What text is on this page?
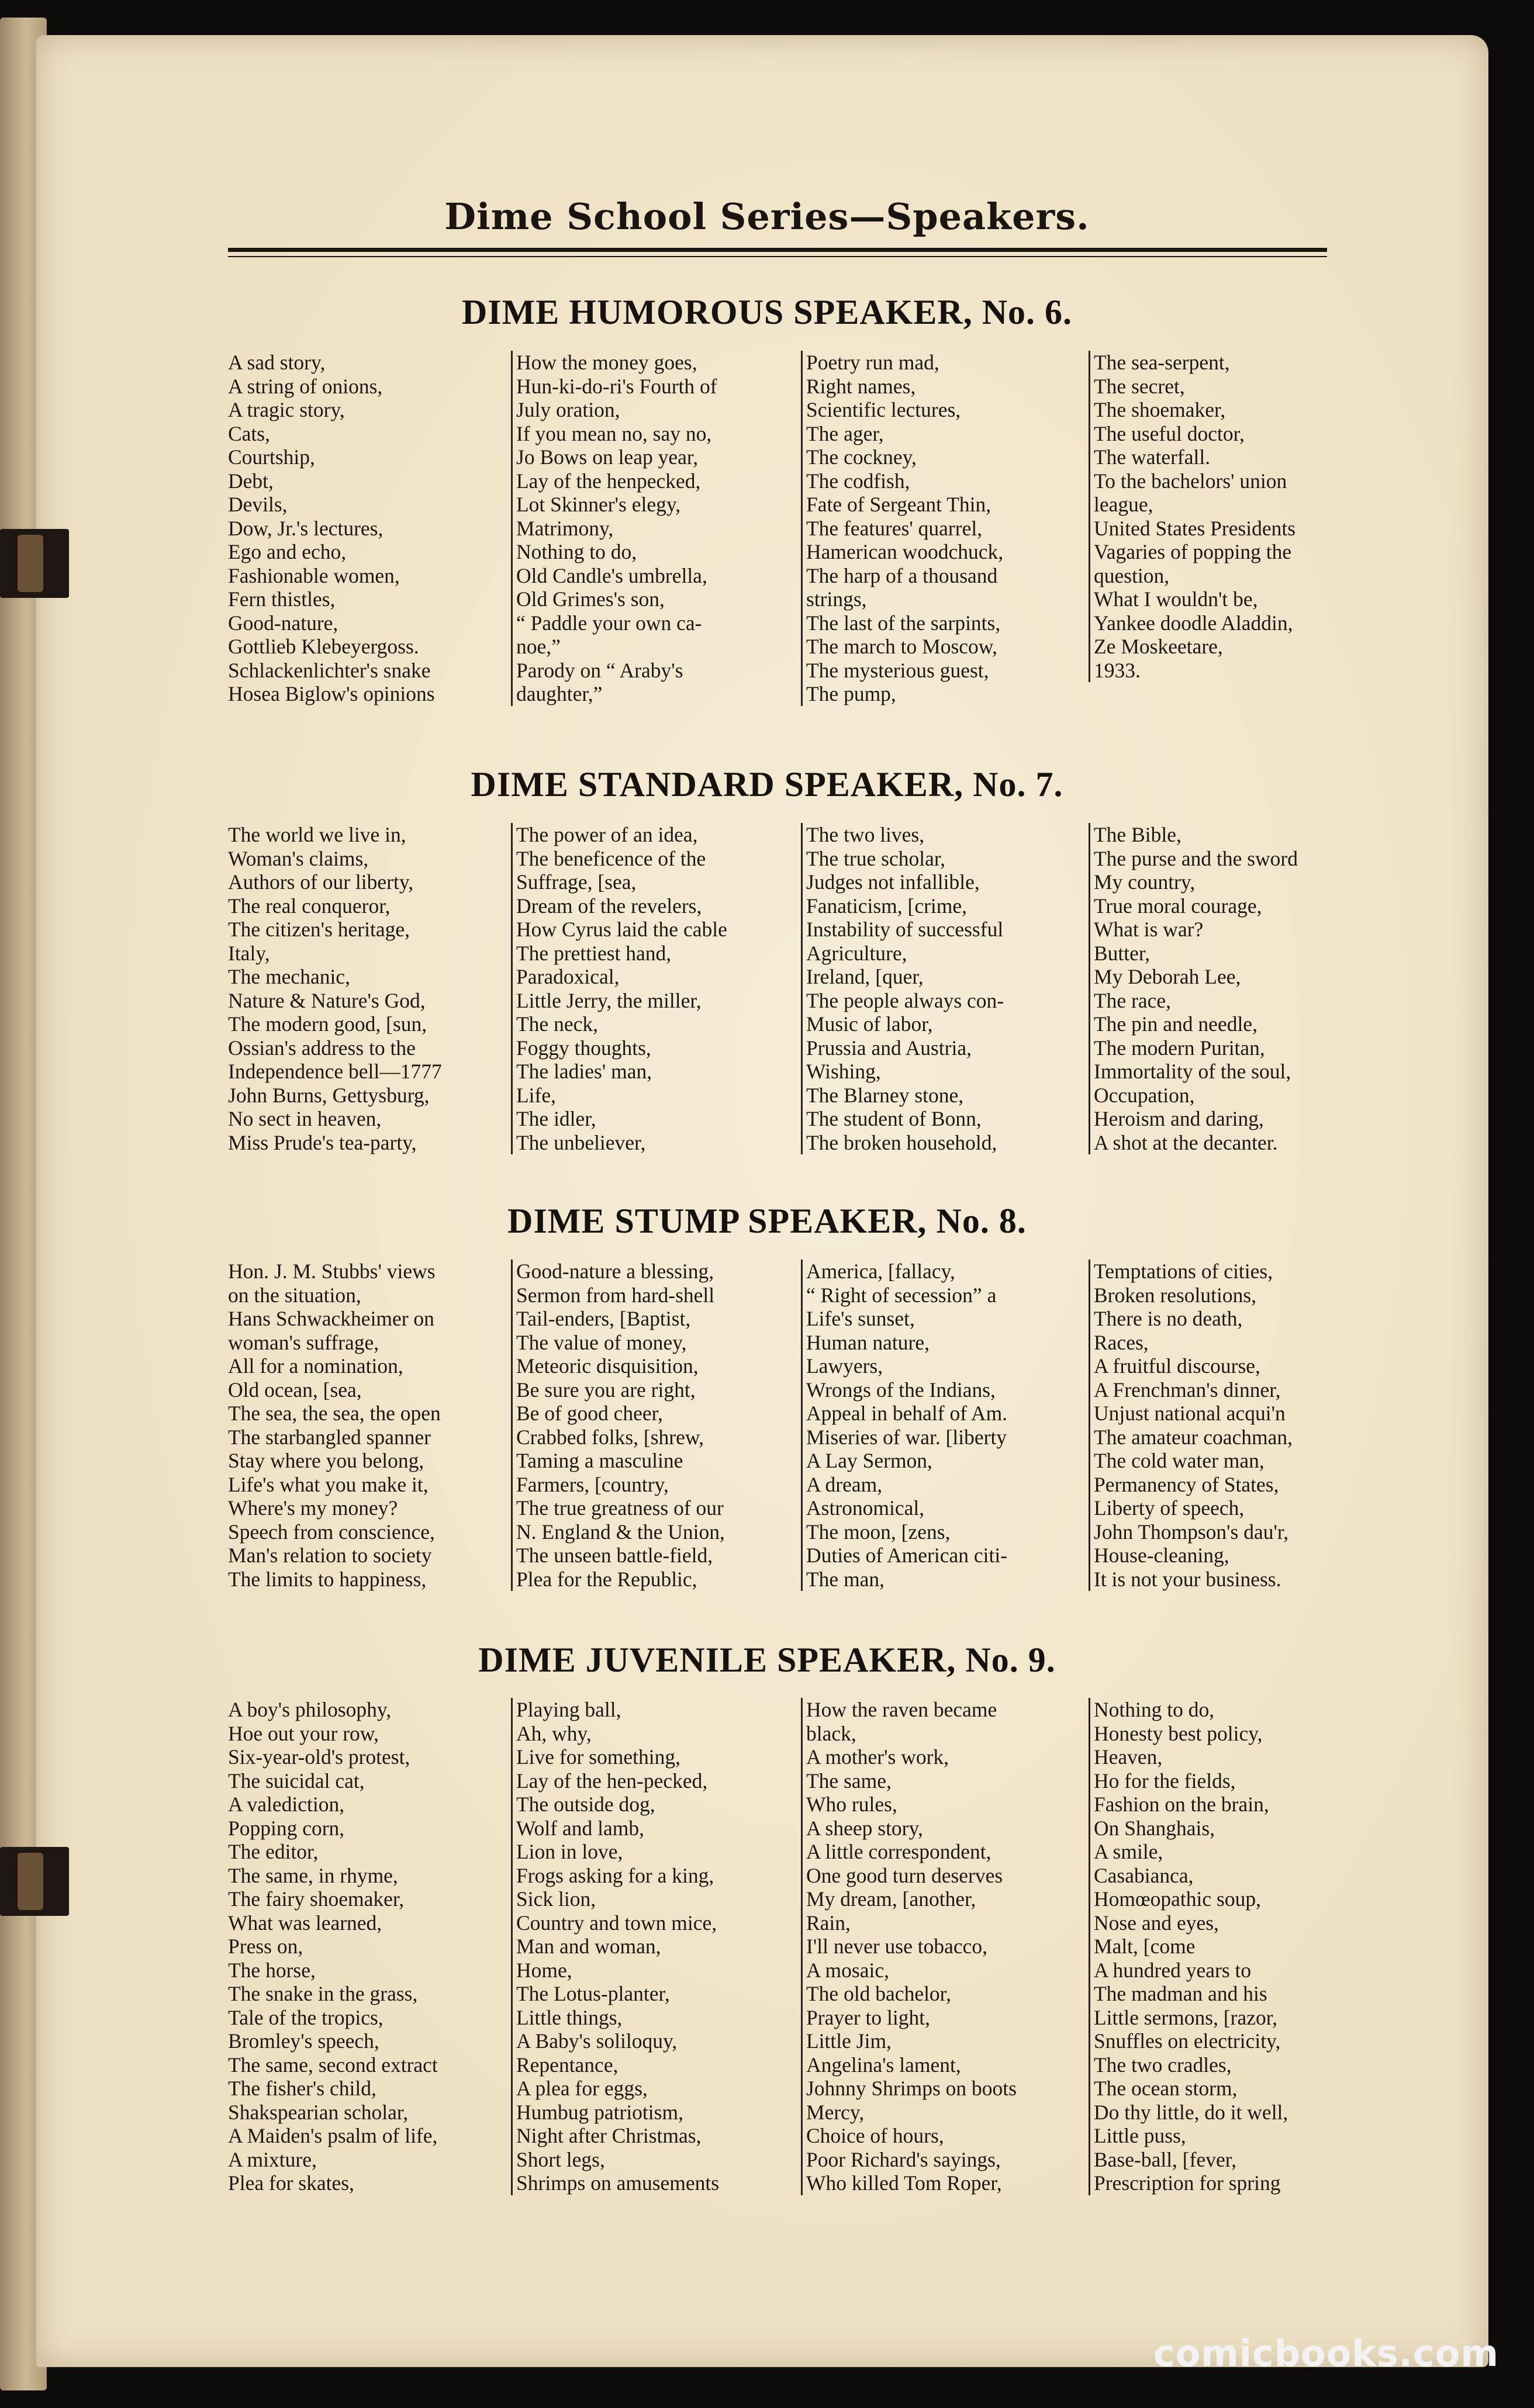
Dime School Series—Speakers.
DIME HUMOROUS SPEAKER, No. 6.
A sad story,
A string of onions,
A tragic story,
Cats,
Courtship,
Debt,
Devils,
Dow, Jr.'s lectures,
Ego and echo,
Fashionable women,
Fern thistles,
Good-nature,
Gottlieb Klebeyergoss.
Schlackenlichter's snake
Hosea Biglow's opinions
How the money goes,
Hun-ki-do-ri's Fourth of
July oration,
If you mean no, say no,
Jo Bows on leap year,
Lay of the henpecked,
Lot Skinner's elegy,
Matrimony,
Nothing to do,
Old Candle's umbrella,
Old Grimes's son,
“ Paddle your own ca-
noe,”
Parody on “ Araby's
daughter,”
Poetry run mad,
Right names,
Scientific lectures,
The ager,
The cockney,
The codfish,
Fate of Sergeant Thin,
The features' quarrel,
Hamerican woodchuck,
The harp of a thousand
strings,
The last of the sarpints,
The march to Moscow,
The mysterious guest,
The pump,
The sea-serpent,
The secret,
The shoemaker,
The useful doctor,
The waterfall.
To the bachelors' union
league,
United States Presidents
Vagaries of popping the
question,
What I wouldn't be,
Yankee doodle Aladdin,
Ze Moskeetare,
1933.
DIME STANDARD SPEAKER, No. 7.
The world we live in,
Woman's claims,
Authors of our liberty,
The real conqueror,
The citizen's heritage,
Italy,
The mechanic,
Nature & Nature's God,
The modern good, [sun,
Ossian's address to the
Independence bell—1777
John Burns, Gettysburg,
No sect in heaven,
Miss Prude's tea-party,
The power of an idea,
The beneficence of the
Suffrage, [sea,
Dream of the revelers,
How Cyrus laid the cable
The prettiest hand,
Paradoxical,
Little Jerry, the miller,
The neck,
Foggy thoughts,
The ladies' man,
Life,
The idler,
The unbeliever,
The two lives,
The true scholar,
Judges not infallible,
Fanaticism, [crime,
Instability of successful
Agriculture,
Ireland, [quer,
The people always con-
Music of labor,
Prussia and Austria,
Wishing,
The Blarney stone,
The student of Bonn,
The broken household,
The Bible,
The purse and the sword
My country,
True moral courage,
What is war?
Butter,
My Deborah Lee,
The race,
The pin and needle,
The modern Puritan,
Immortality of the soul,
Occupation,
Heroism and daring,
A shot at the decanter.
DIME STUMP SPEAKER, No. 8.
Hon. J. M. Stubbs' views
on the situation,
Hans Schwackheimer on
woman's suffrage,
All for a nomination,
Old ocean, [sea,
The sea, the sea, the open
The starbangled spanner
Stay where you belong,
Life's what you make it,
Where's my money?
Speech from conscience,
Man's relation to society
The limits to happiness,
Good-nature a blessing,
Sermon from hard-shell
Tail-enders, [Baptist,
The value of money,
Meteoric disquisition,
Be sure you are right,
Be of good cheer,
Crabbed folks, [shrew,
Taming a masculine
Farmers, [country,
The true greatness of our
N. England & the Union,
The unseen battle-field,
Plea for the Republic,
America, [fallacy,
“ Right of secession” a
Life's sunset,
Human nature,
Lawyers,
Wrongs of the Indians,
Appeal in behalf of Am.
Miseries of war. [liberty
A Lay Sermon,
A dream,
Astronomical,
The moon, [zens,
Duties of American citi-
The man,
Temptations of cities,
Broken resolutions,
There is no death,
Races,
A fruitful discourse,
A Frenchman's dinner,
Unjust national acqui'n
The amateur coachman,
The cold water man,
Permanency of States,
Liberty of speech,
John Thompson's dau'r,
House-cleaning,
It is not your business.
DIME JUVENILE SPEAKER, No. 9.
A boy's philosophy,
Hoe out your row,
Six-year-old's protest,
The suicidal cat,
A valediction,
Popping corn,
The editor,
The same, in rhyme,
The fairy shoemaker,
What was learned,
Press on,
The horse,
The snake in the grass,
Tale of the tropics,
Bromley's speech,
The same, second extract
The fisher's child,
Shakspearian scholar,
A Maiden's psalm of life,
A mixture,
Plea for skates,
Playing ball,
Ah, why,
Live for something,
Lay of the hen-pecked,
The outside dog,
Wolf and lamb,
Lion in love,
Frogs asking for a king,
Sick lion,
Country and town mice,
Man and woman,
Home,
The Lotus-planter,
Little things,
A Baby's soliloquy,
Repentance,
A plea for eggs,
Humbug patriotism,
Night after Christmas,
Short legs,
Shrimps on amusements
How the raven became
black,
A mother's work,
The same,
Who rules,
A sheep story,
A little correspondent,
One good turn deserves
My dream, [another,
Rain,
I'll never use tobacco,
A mosaic,
The old bachelor,
Prayer to light,
Little Jim,
Angelina's lament,
Johnny Shrimps on boots
Mercy,
Choice of hours,
Poor Richard's sayings,
Who killed Tom Roper,
Nothing to do,
Honesty best policy,
Heaven,
Ho for the fields,
Fashion on the brain,
On Shanghais,
A smile,
Casabianca,
Homœopathic soup,
Nose and eyes,
Malt, [come
A hundred years to
The madman and his
Little sermons, [razor,
Snuffles on electricity,
The two cradles,
The ocean storm,
Do thy little, do it well,
Little puss,
Base-ball, [fever,
Prescription for spring
comicbooks.com
